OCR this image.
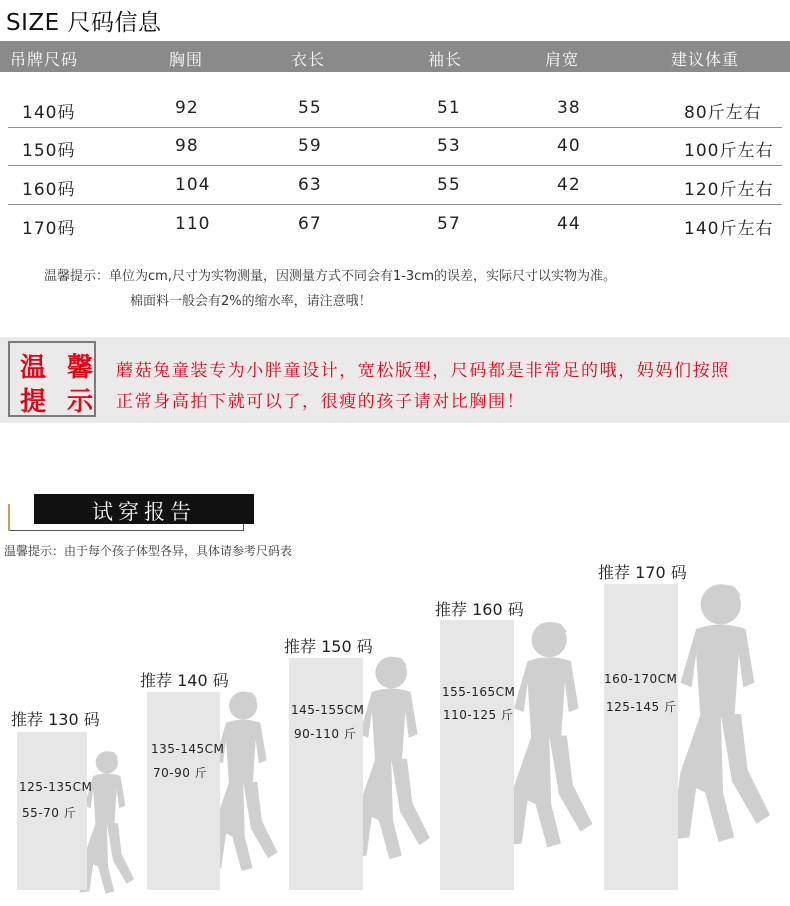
SIZE 尺码信息
吊牌尺码	胸围	衣长	袖长	肩宽	建议体重
140码	92	55	51	38	80斤左右
150码	98	59	53	40	100斤左右
160码	104	63	55	42	120斤左右
170码	110	67	57	44	140斤左右
温馨提示：单位为cm,尺寸为实物测量，因测量方式不同会有1-3cm的误差，实际尺寸以实物为准。
棉面料一般会有2%的缩水率，请注意哦！
温 馨
提 示
蘑菇兔童装专为小胖童设计，宽松版型，尺码都是非常足的哦，妈妈们按照
正常身高拍下就可以了，很瘦的孩子请对比胸围！
试穿报告
温馨提示：由于每个孩子体型各异，具体请参考尺码表
推荐 130 码
125-135CM
55-70 斤
推荐 140 码
135-145CM
70-90 斤
推荐 150 码
145-155CM
90-110 斤
推荐 160 码
155-165CM
110-125 斤
推荐 170 码
160-170CM
125-145 斤
